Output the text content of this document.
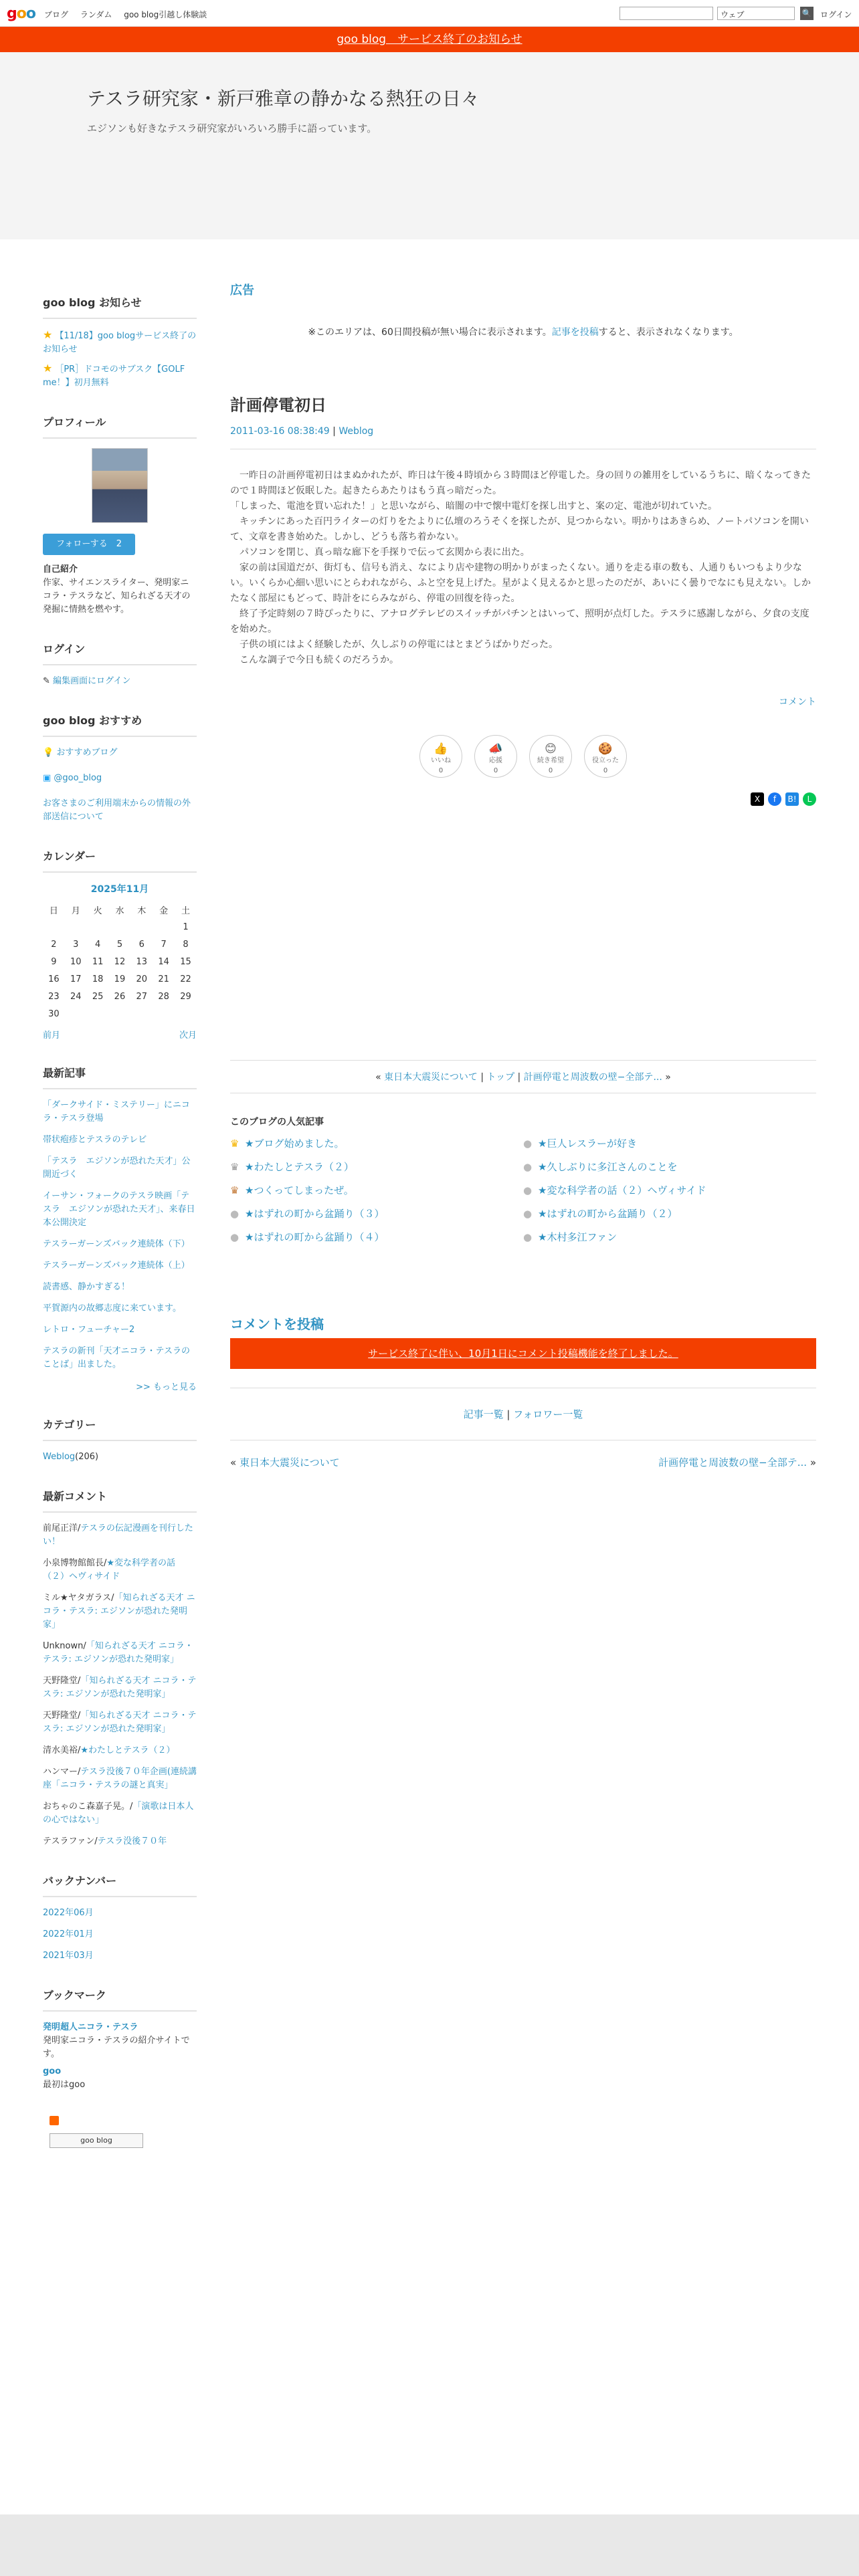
goo ブログ ランダム goo blog引越し体験談	ウェブ	🔍 ログイン
goo blog　サービス終了のお知らせ
テスラ研究家・新戸雅章の静かなる熱狂の日々

エジソンも好きなテスラ研究家がいろいろ勝手に語っています。

goo blog お知らせ
★ 【11/18】goo blogサービス終了のお知らせ
★ ［PR］ドコモのサブスク【GOLF me！】初月無料
プロフィール
フォローする　2
自己紹介
作家、サイエンスライター、発明家ニコラ・テスラなど、知られざる天才の発掘に情熱を燃やす。
ログイン
✎ 編集画面にログイン
goo blog おすすめ
💡 おすすめブログ
▣ @goo_blog
お客さまのご利用端末からの情報の外部送信について
カレンダー
2025年11月
日	月	火	水	木	金	土
						1
2	3	4	5	6	7	8
9	10	11	12	13	14	15
16	17	18	19	20	21	22
23	24	25	26	27	28	29
30						
前月	次月
最新記事
「ダークサイド・ミステリー」にニコラ・テスラ登場
帯状疱疹とテスラのテレビ
「テスラ　エジソンが恐れた天才」公開近づく
イーサン・フォークのテスラ映画「テスラ　エジソンが恐れた天才」、来春日本公開決定
テスラーガーンズバック連続体（下）
テスラーガーンズバック連続体（上）
読書感、静かすぎる！
平賀源内の故郷志度に来ています。
レトロ・フューチャー2
テスラの新刊「天才ニコラ・テスラのことば」出ました。
>> もっと見る
カテゴリー
Weblog(206)
最新コメント
前尾正洋/テスラの伝記漫画を刊行したい！
小泉博物館館長/★変な科学者の話（２）ヘヴィサイド
ミル★ヤタガラス/「知られざる天才 ニコラ・テスラ: エジソンが恐れた発明家」
Unknown/「知られざる天才 ニコラ・テスラ: エジソンが恐れた発明家」
天野隆堂/「知られざる天才 ニコラ・テスラ: エジソンが恐れた発明家」
天野隆堂/「知られざる天才 ニコラ・テスラ: エジソンが恐れた発明家」
清水美裕/★わたしとテスラ（２）
ハンマー/テスラ没後７０年企画(連続講座「ニコラ・テスラの謎と真実」
おちゃのこ森嘉子晃。/「演歌は日本人の心ではない」
テスラファン/テスラ没後７０年
バックナンバー
2022年06月
2022年01月
2021年03月
ブックマーク
発明超人ニコラ・テスラ
発明家ニコラ・テスラの紹介サイトです。
goo
最初はgoo

goo blog
広告

※このエリアは、60日間投稿が無い場合に表示されます。記事を投稿すると、表示されなくなります。

計画停電初日
2011-03-16 08:38:49 | Weblog

　一昨日の計画停電初日はまぬかれたが、昨日は午後４時頃から３時間ほど停電した。身の回りの雑用をしているうちに、暗くなってきたので１時間ほど仮眠した。起きたらあたりはもう真っ暗だった。

「しまった、電池を買い忘れた！」と思いながら、暗闇の中で懐中電灯を探し出すと、案の定、電池が切れていた。

　キッチンにあった百円ライターの灯りをたよりに仏壇のろうそくを探したが、見つからない。明かりはあきらめ、ノートパソコンを開いて、文章を書き始めた。しかし、どうも落ち着かない。

　パソコンを閉じ、真っ暗な廊下を手探りで伝って玄関から表に出た。

　家の前は国道だが、街灯も、信号も消え、なにより店や建物の明かりがまったくない。通りを走る車の数も、人通りもいつもより少ない。いくらか心細い思いにとらわれながら、ふと空を見上げた。星がよく見えるかと思ったのだが、あいにく曇りでなにも見えない。しかたなく部屋にもどって、時計をにらみながら、停電の回復を待った。

　終了予定時刻の７時ぴったりに、アナログテレビのスイッチがパチンとはいって、照明が点灯した。テスラに感謝しながら、夕食の支度を始めた。

　子供の頃にはよく経験したが、久しぶりの停電にはとまどうばかりだった。

　こんな調子で今日も続くのだろうか。

コメント
👍
いいね
0
📣
応援
0
😊
続き希望
0
🍪
役立った
0
X	f	B!	L
« 東日本大震災について | トップ | 計画停電と周波数の壁−全部テ... »
このブログの人気記事
♛ ★ブログ始めました。	● ★巨人レスラーが好き
♛ ★わたしとテスラ（２）	● ★久しぶりに多江さんのことを
♛ ★つくってしまったぜ。	● ★変な科学者の話（２）ヘヴィサイド
● ★はずれの町から盆踊り（３）	● ★はずれの町から盆踊り（２）
● ★はずれの町から盆踊り（４）	● ★木村多江ファン
コメントを投稿
サービス終了に伴い、10月1日にコメント投稿機能を終了しました。
記事一覧 | フォロワー一覧
« 東日本大震災について	計画停電と周波数の壁−全部テ... »
